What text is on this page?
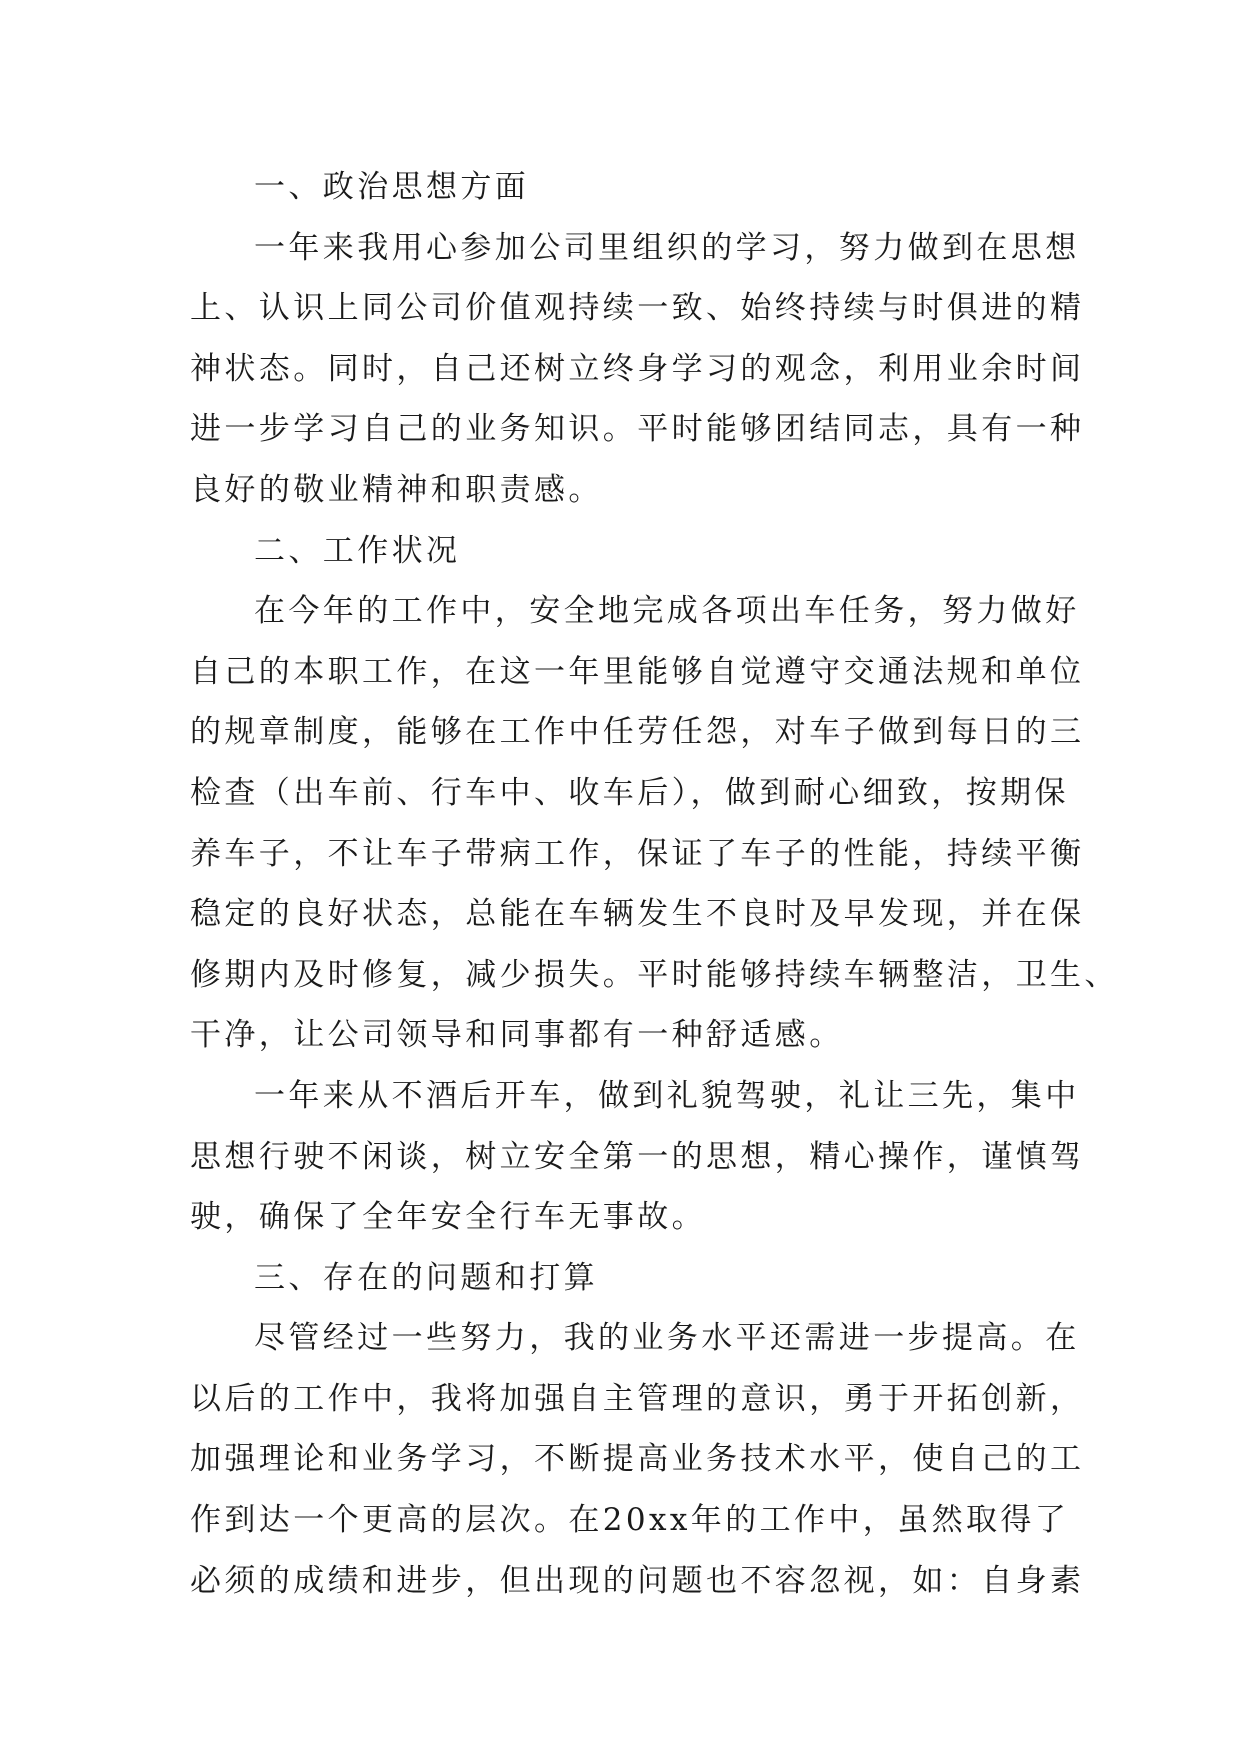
一、政治思想方面
一年来我用心参加公司里组织的学习，努力做到在思想
上、认识上同公司价值观持续一致、始终持续与时俱进的精
神状态。同时，自己还树立终身学习的观念，利用业余时间
进一步学习自己的业务知识。平时能够团结同志，具有一种
良好的敬业精神和职责感。
二、工作状况
在今年的工作中，安全地完成各项出车任务，努力做好
自己的本职工作，在这一年里能够自觉遵守交通法规和单位
的规章制度，能够在工作中任劳任怨，对车子做到每日的三
检查（出车前、行车中、收车后），做到耐心细致，按期保
养车子，不让车子带病工作，保证了车子的性能，持续平衡
稳定的良好状态，总能在车辆发生不良时及早发现，并在保
修期内及时修复，减少损失。平时能够持续车辆整洁，卫生、
干净，让公司领导和同事都有一种舒适感。
一年来从不酒后开车，做到礼貌驾驶，礼让三先，集中
思想行驶不闲谈，树立安全第一的思想，精心操作，谨慎驾
驶，确保了全年安全行车无事故。
三、存在的问题和打算
尽管经过一些努力，我的业务水平还需进一步提高。在
以后的工作中，我将加强自主管理的意识，勇于开拓创新，
加强理论和业务学习，不断提高业务技术水平，使自己的工
作到达一个更高的层次。在20xx年的工作中，虽然取得了
必须的成绩和进步，但出现的问题也不容忽视，如：自身素
